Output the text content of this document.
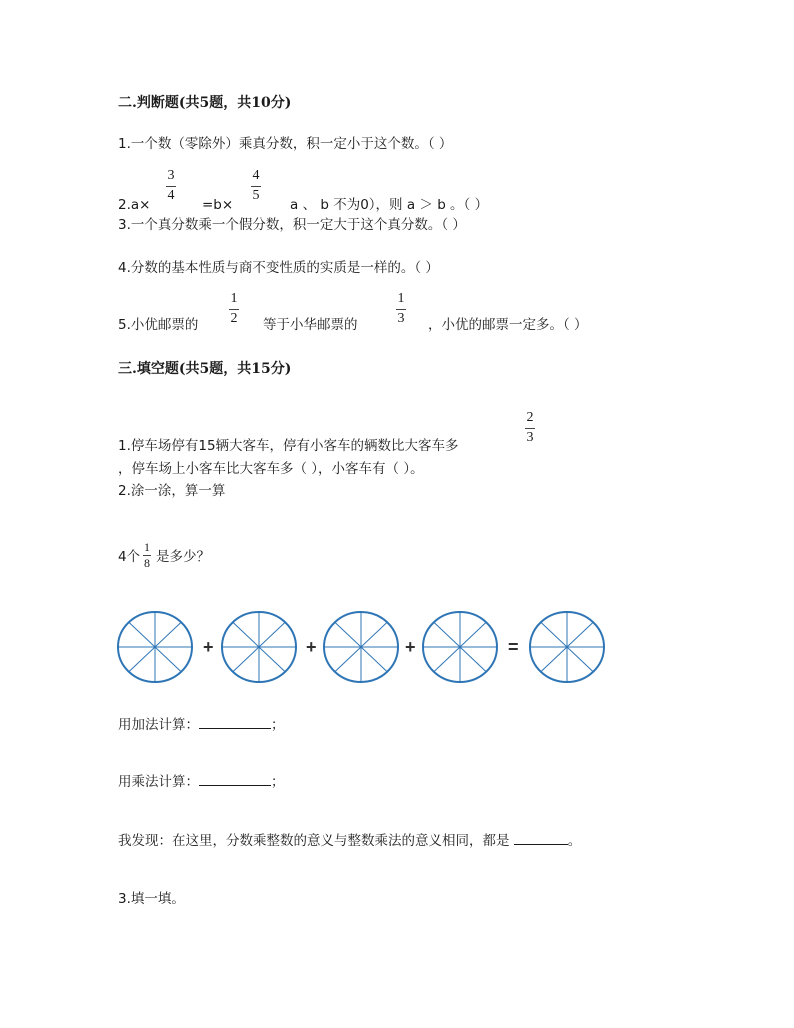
二.判断题(共5题，共10分)
1.一个数（零除外）乘真分数，积一定小于这个数。（ ）
2.a×
3
4
=b×
4
5
a 、 b 不为0），则 a ＞ b 。（ ）
3.一个真分数乘一个假分数，积一定大于这个真分数。（ ）
4.分数的基本性质与商不变性质的实质是一样的。（ ）
5.小优邮票的
1
2 等于小华邮票的
1
3 ，小优的邮票一定多。（ ）
三.填空题(共5题，共15分)
1.停车场停有15辆大客车，停有小客车的辆数比大客车多
2
3
，停车场上小客车比大客车多（ ），小客车有（ ）。
2.涂一涂，算一算
4个
1
8 是多少？
+	+	+	=
用加法计算：	；
用乘法计算：	；
我发现：在这里，分数乘整数的意义与整数乘法的意义相同，都是	。
3.填一填。
